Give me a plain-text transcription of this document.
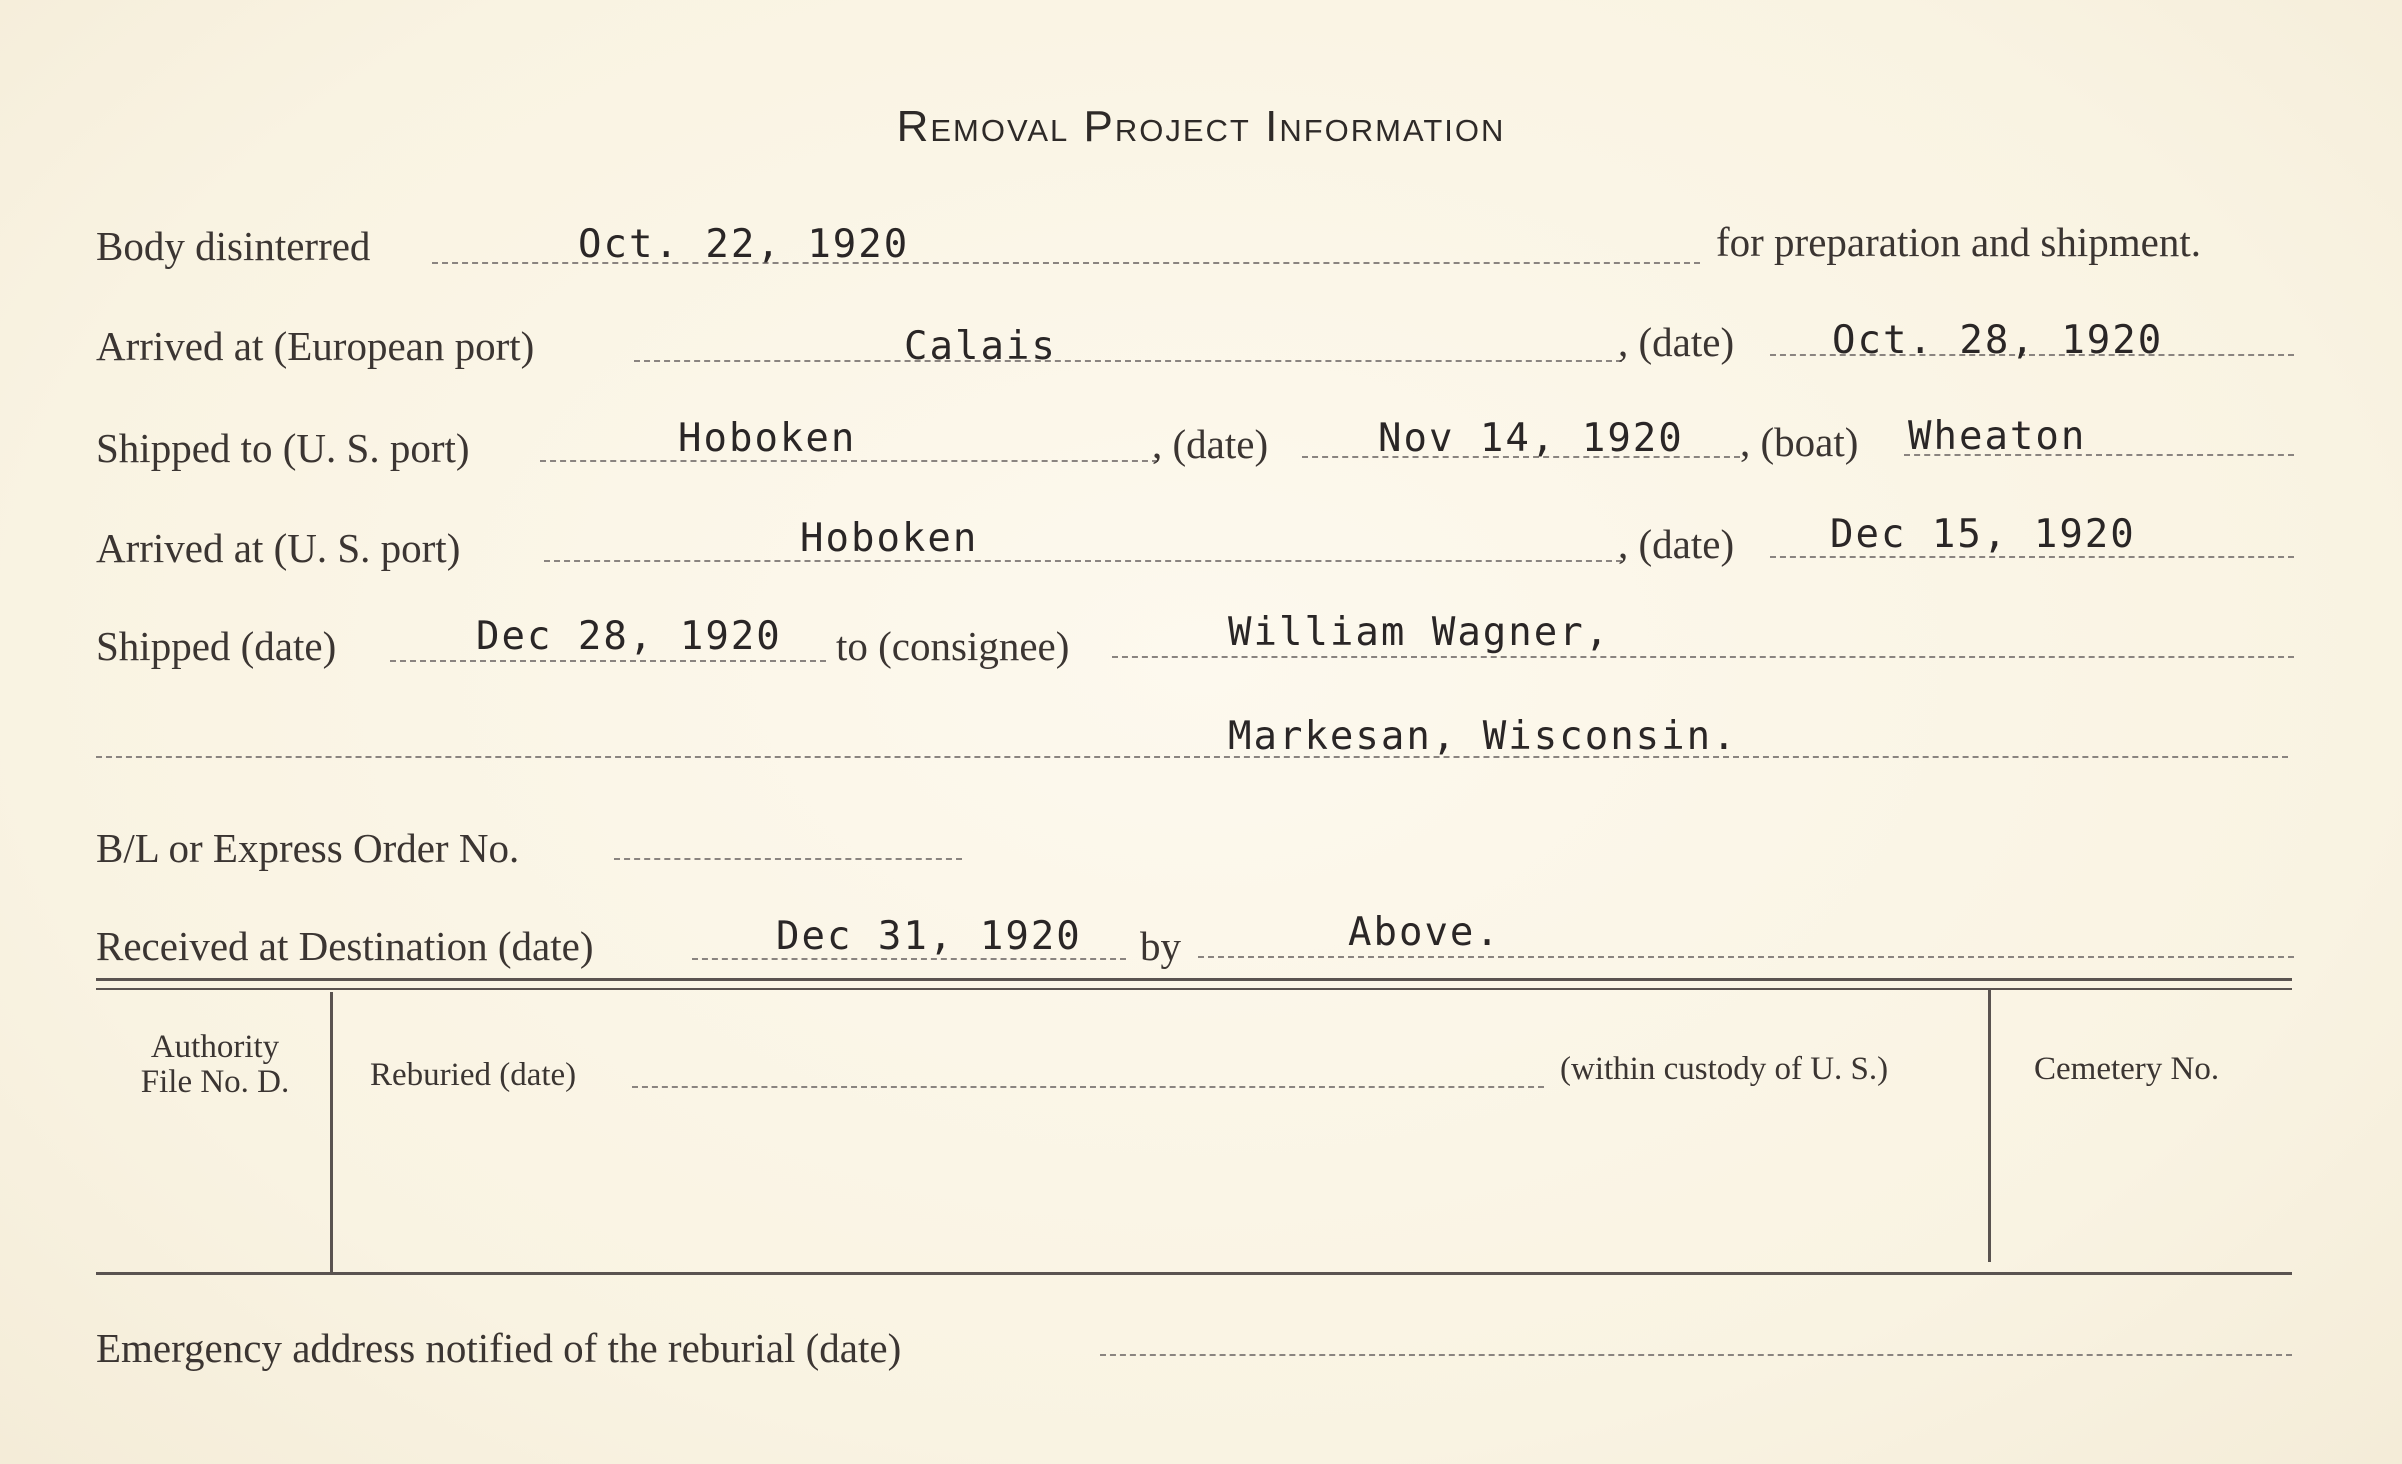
Removal Project Information
Body disinterred	Oct. 22, 1920	for preparation and shipment.
Arrived at (European port)	Calais	, (date)	Oct. 28, 1920
Shipped to (U. S. port)	Hoboken	, (date)	Nov 14, 1920 , (boat) Wheaton
Arrived at (U. S. port)	Hoboken	, (date) Dec 15, 1920
Shipped (date)	Dec 28, 1920 to (consignee)	William Wagner,
Markesan, Wisconsin.
B/L or Express Order No.
Received at Destination (date)	Dec 31, 1920 by	Above.
Authority
File No. D.	Reburied (date)	(within custody of U. S.)	Cemetery No.
Emergency address notified of the reburial (date)
